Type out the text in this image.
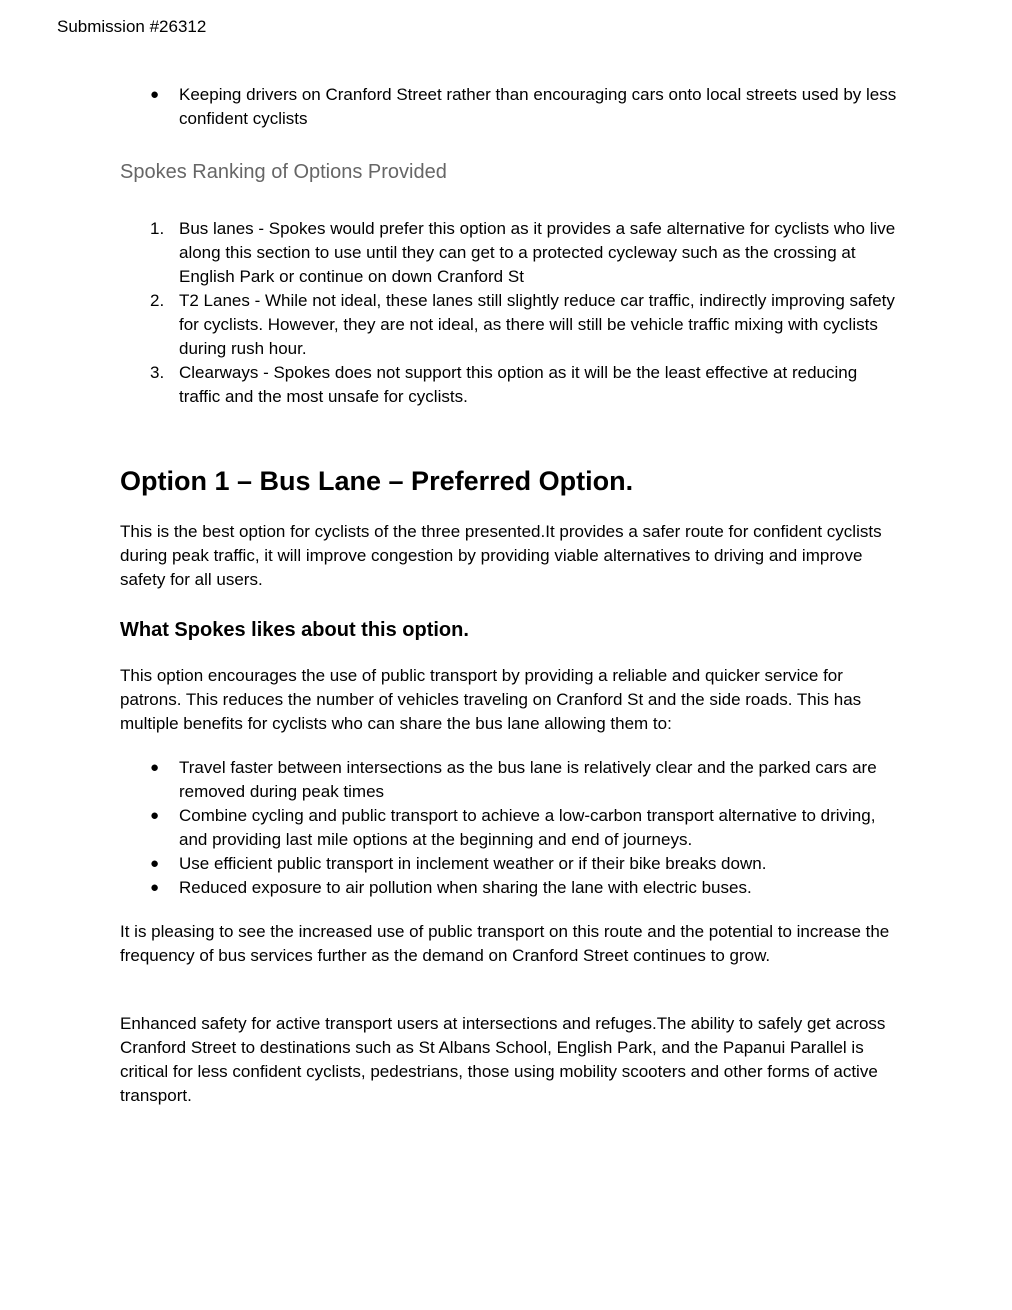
Submission #26312
● Keeping drivers on Cranford Street rather than encouraging cars onto local streets used by less confident cyclists
Spokes Ranking of Options Provided
1. Bus lanes - Spokes would prefer this option as it provides a safe alternative for cyclists who live along this section to use until they can get to a protected cycleway such as the crossing at English Park or continue on down Cranford St
2. T2 Lanes - While not ideal, these lanes still slightly reduce car traffic, indirectly improving safety for cyclists. However, they are not ideal, as there will still be vehicle traffic mixing with cyclists during rush hour.
3. Clearways - Spokes does not support this option as it will be the least effective at reducing traffic and the most unsafe for cyclists.
Option 1 – Bus Lane – Preferred Option.

This is the best option for cyclists of the three presented.It provides a safer route for confident cyclists during peak traffic, it will improve congestion by providing viable alternatives to driving and improve safety for all users.

What Spokes likes about this option.

This option encourages the use of public transport by providing a reliable and quicker service for patrons. This reduces the number of vehicles traveling on Cranford St and the side roads. This has multiple benefits for cyclists who can share the bus lane allowing them to:

● Travel faster between intersections as the bus lane is relatively clear and the parked cars are removed during peak times
● Combine cycling and public transport to achieve a low-carbon transport alternative to driving, and providing last mile options at the beginning and end of journeys.
● Use efficient public transport in inclement weather or if their bike breaks down.
● Reduced exposure to air pollution when sharing the lane with electric buses.

It is pleasing to see the increased use of public transport on this route and the potential to increase the frequency of bus services further as the demand on Cranford Street continues to grow.

Enhanced safety for active transport users at intersections and refuges.The ability to safely get across Cranford Street to destinations such as St Albans School, English Park, and the Papanui Parallel is critical for less confident cyclists, pedestrians, those using mobility scooters and other forms of active transport.
